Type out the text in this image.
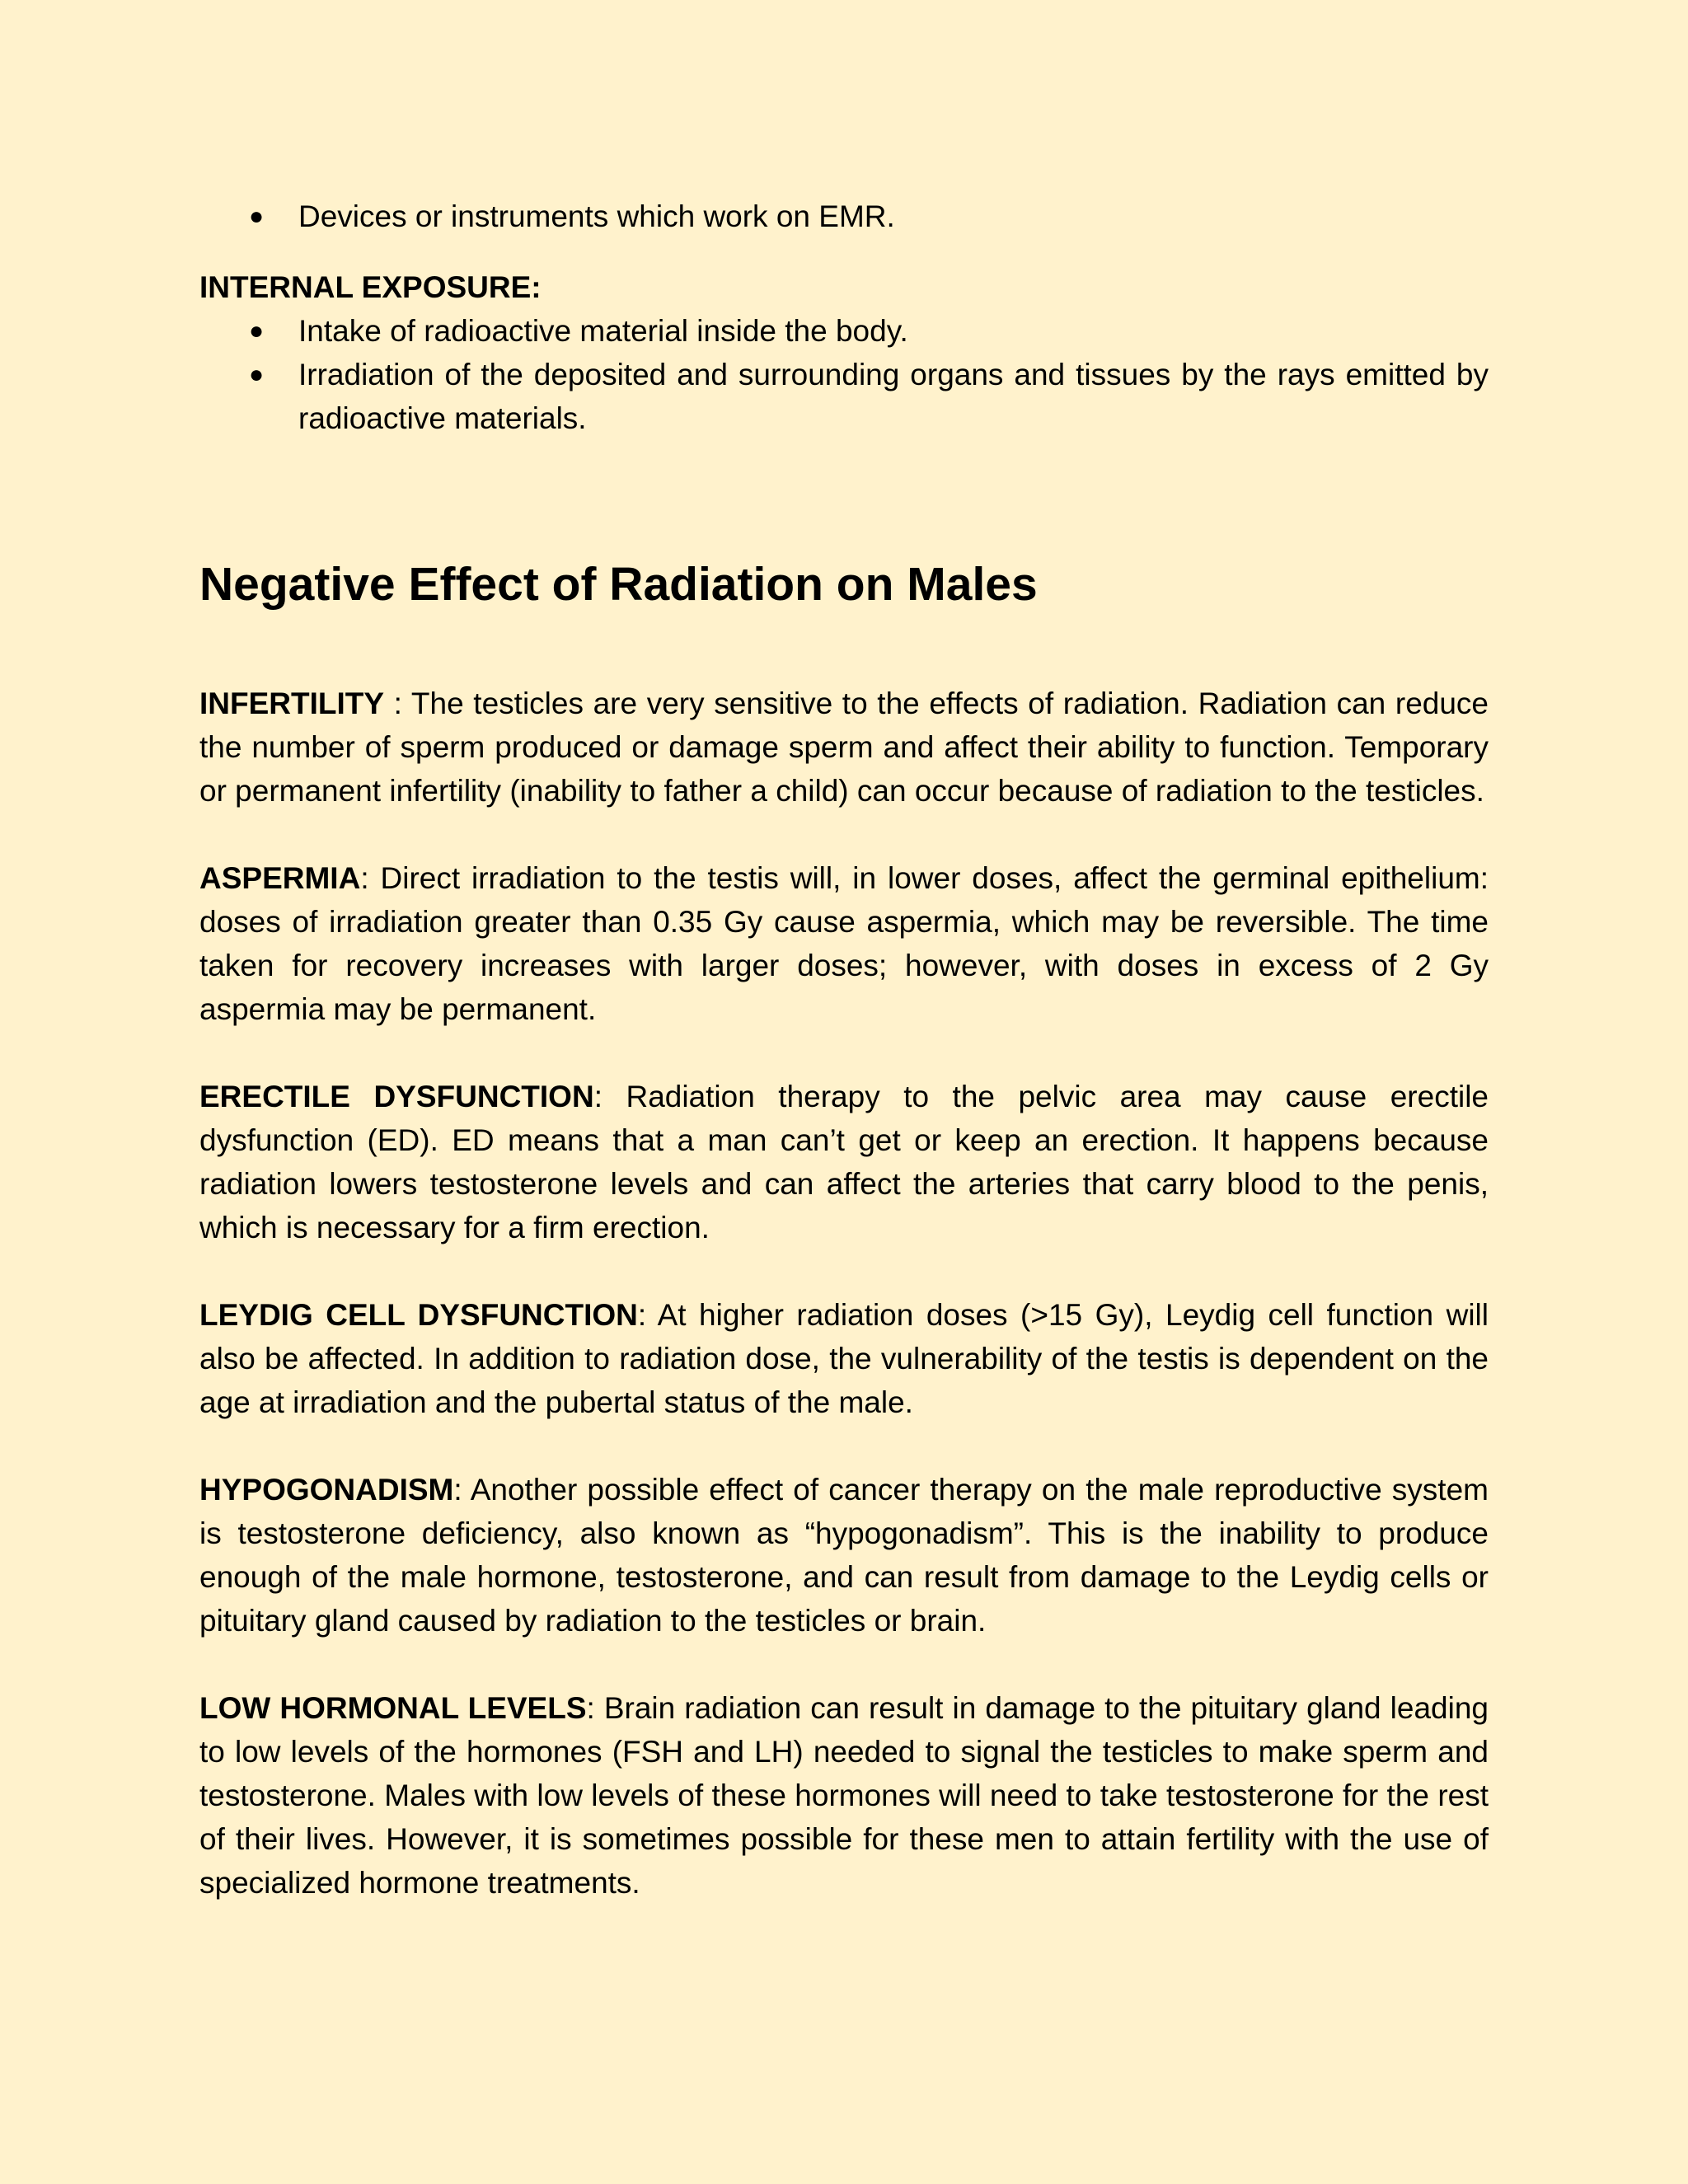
● Devices or instruments which work on EMR.

INTERNAL EXPOSURE:

● Intake of radioactive material inside the body.
● Irradiation of the deposited and surrounding organs and tissues by the rays emitted by radioactive materials.
Negative Effect of Radiation on Males

INFERTILITY : The testicles are very sensitive to the effects of radiation. Radiation can reduce the number of sperm produced or damage sperm and affect their ability to function. Temporary or permanent infertility (inability to father a child) can occur because of radiation to the testicles.

ASPERMIA: Direct irradiation to the testis will, in lower doses, affect the germinal epithelium: doses of irradiation greater than 0.35 Gy cause aspermia, which may be reversible. The time taken for recovery increases with larger doses; however, with doses in excess of 2 Gy aspermia may be permanent.

ERECTILE DYSFUNCTION: Radiation therapy to the pelvic area may cause erectile dysfunction (ED). ED means that a man can’t get or keep an erection. It happens because radiation lowers testosterone levels and can affect the arteries that carry blood to the penis, which is necessary for a firm erection.

LEYDIG CELL DYSFUNCTION: At higher radiation doses (>15 Gy), Leydig cell function will also be affected. In addition to radiation dose, the vulnerability of the testis is dependent on the age at irradiation and the pubertal status of the male.

HYPOGONADISM: Another possible effect of cancer therapy on the male reproductive system is testosterone deficiency, also known as “hypogonadism”. This is the inability to produce enough of the male hormone, testosterone, and can result from damage to the Leydig cells or pituitary gland caused by radiation to the testicles or brain.

LOW HORMONAL LEVELS: Brain radiation can result in damage to the pituitary gland leading to low levels of the hormones (FSH and LH) needed to signal the testicles to make sperm and testosterone. Males with low levels of these hormones will need to take testosterone for the rest of their lives. However, it is sometimes possible for these men to attain fertility with the use of specialized hormone treatments.
